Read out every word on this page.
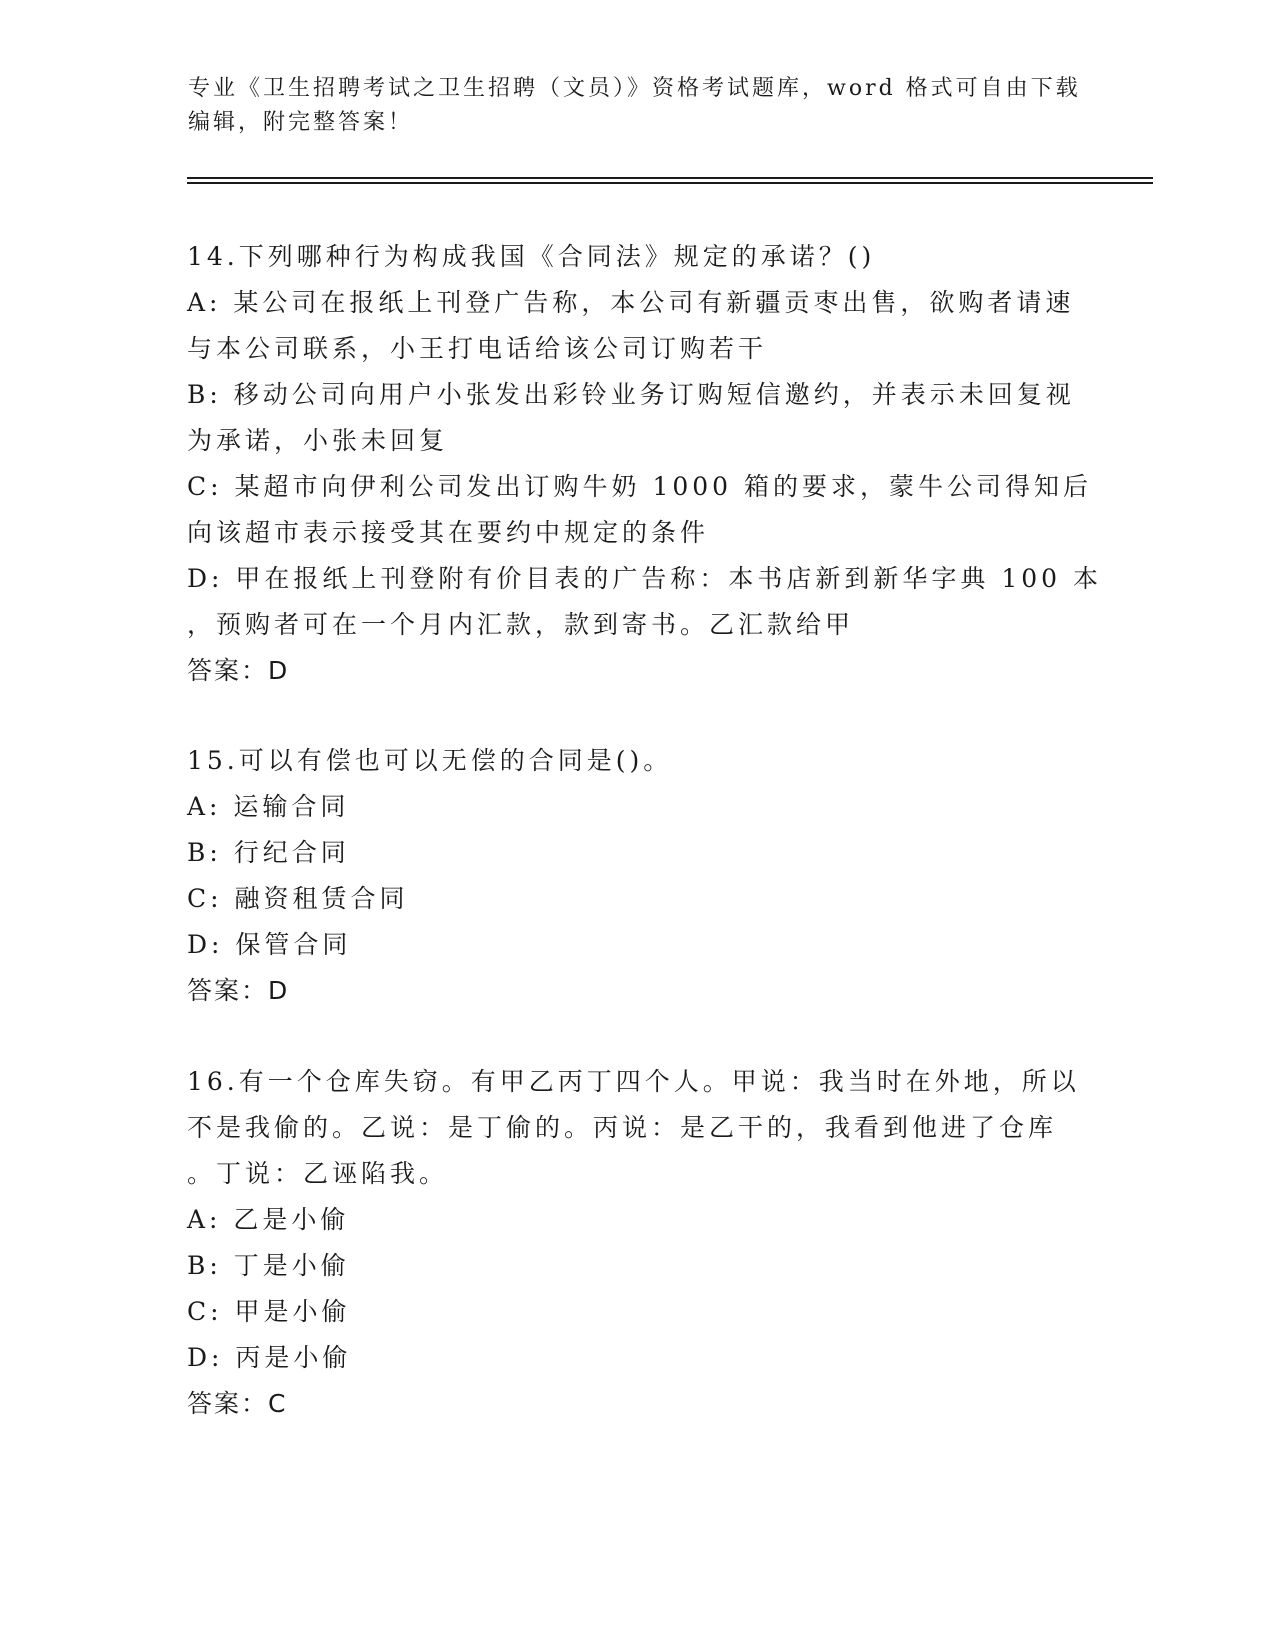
专业《卫生招聘考试之卫生招聘（文员）》资格考试题库，word 格式可自由下载
编辑，附完整答案！
14.下列哪种行为构成我国《合同法》规定的承诺？()
A: 某公司在报纸上刊登广告称，本公司有新疆贡枣出售，欲购者请速
与本公司联系，小王打电话给该公司订购若干
B: 移动公司向用户小张发出彩铃业务订购短信邀约，并表示未回复视
为承诺，小张未回复
C: 某超市向伊利公司发出订购牛奶 1000 箱的要求，蒙牛公司得知后
向该超市表示接受其在要约中规定的条件
D: 甲在报纸上刊登附有价目表的广告称：本书店新到新华字典 100 本
，预购者可在一个月内汇款，款到寄书。乙汇款给甲
答案：D
15.可以有偿也可以无偿的合同是()。
A: 运输合同
B: 行纪合同
C: 融资租赁合同
D: 保管合同
答案：D
16.有一个仓库失窃。有甲乙丙丁四个人。甲说：我当时在外地，所以
不是我偷的。乙说：是丁偷的。丙说：是乙干的，我看到他进了仓库
。丁说：乙诬陷我。
A: 乙是小偷
B: 丁是小偷
C: 甲是小偷
D: 丙是小偷
答案：C
